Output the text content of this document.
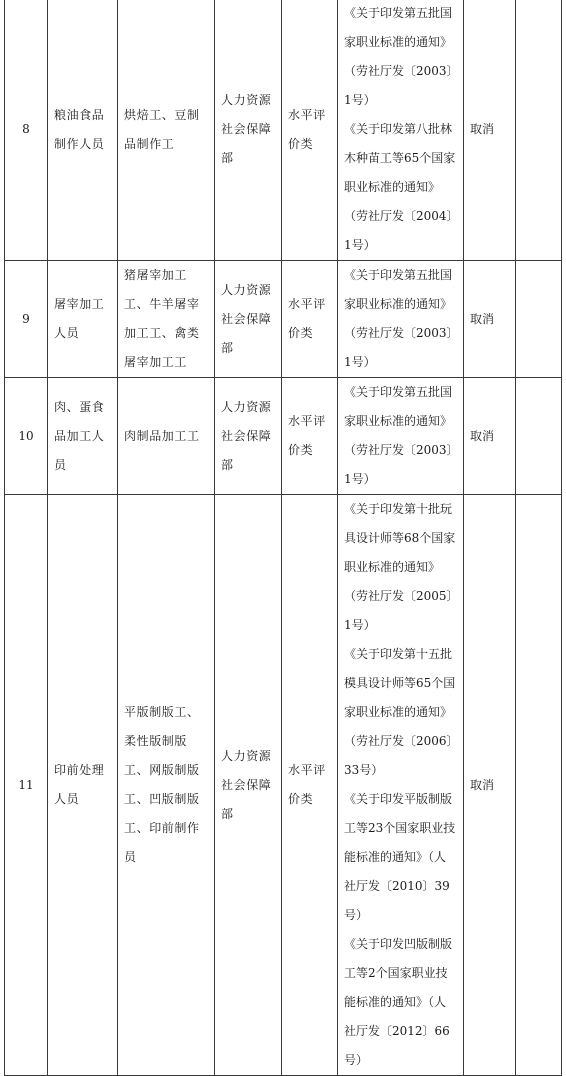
8	粮油食品制作人员	烘焙工、豆制品制作工	人力资源社会保障部	水平评价类	《关于印发第五批国家职业标准的通知》（劳社厅发〔2003〕1号）
《关于印发第八批林木种苗工等65个国家职业标准的通知》（劳社厅发〔2004〕1号）	取消	
9	屠宰加工人员	猪屠宰加工工、牛羊屠宰加工工、禽类屠宰加工工	人力资源社会保障部	水平评价类	《关于印发第五批国家职业标准的通知》（劳社厅发〔2003〕1号）	取消	
10	肉、蛋食品加工人员	肉制品加工工	人力资源社会保障部	水平评价类	《关于印发第五批国家职业标准的通知》（劳社厅发〔2003〕1号）	取消	
11	印前处理人员	平版制版工、柔性版制版工、网版制版工、凹版制版工、印前制作员	人力资源社会保障部	水平评价类	《关于印发第十批玩具设计师等68个国家职业标准的通知》（劳社厅发〔2005〕1号）
《关于印发第十五批模具设计师等65个国家职业标准的通知》（劳社厅发〔2006〕33号）
《关于印发平版制版工等23个国家职业技能标准的通知》（人社厅发〔2010〕39号）
《关于印发凹版制版工等2个国家职业技能标准的通知》（人社厅发〔2012〕66号）	取消	
